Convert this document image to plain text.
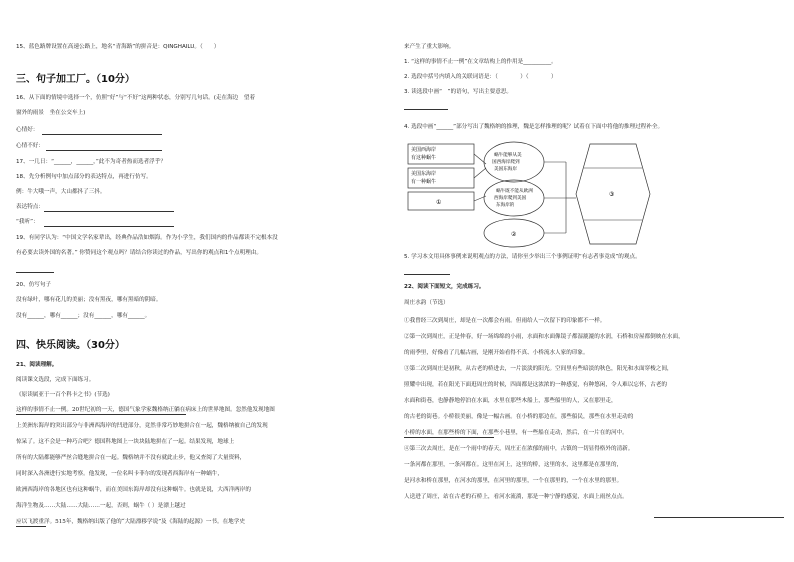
15、蓝色路牌设置在高速公路上，地名“青海路”的拼音是：QINGHAILU。（　　）
三、句子加工厂。（10分）
16、从下面的情境中选择一个，仿照“好”与“不好”这两种状态，分别写几句话。(走在海边　望着
窗外的雨景　坐在公交车上)
心情好：
心情不好：
17、一几日：“______，______，”此不为奇者热而选者浮乎？
18、先分析例句中加点部分的表达特点，再进行仿写。
例：牛大哦一声，大山都抖了三抖。
表达特点：
“我听”：
19、有同学认为：“中国文学名家辈出，经典作品浩如烟海。作为小学生，我们国内的作品都读不完根本没
有必要去读外国的名著。” 你赞同这个观点吗？请结合你读过的作品，写出你的观点和1个点明理由。
20、仿写句子
没有绿叶，哪有花儿的美丽；没有黑夜，哪有黑暗的阴暗。
没有______，哪有______；没有______，哪有______。
四、快乐阅读。（30分）
21、阅读理解。
阅读课文选段，完成下面练习。
《原读属亚于一百个科卡之书》(节选)
这样的事情不止一例。20世纪初的一天，德国气象学家魏格纳正躺在病床上的世界地图。忽然他发现地图
上美洲东海岸的突出部分与非洲西海岸的凹进部分，竟然非常巧妙地拼合在一起，魏格纳被自己的发现
惊呆了。这不会是一种巧合吧？德国科地图上一块块陆地拼在了一起。结果发现，地球上
所有的大陆都能够严丝合缝地拼合在一起。魏格纳并不没有就此止步，他又查阅了大量资料，
同时深入各洲进行实地考察。他发现，一位名叫卡菲尔的发现者西海岸有一种蜗牛，
欧洲西海岸的各地区也有这种蜗牛，而在美国东海岸却没有这种蜗牛。也就是说，大西洋两岸的
海洋生物及……大陆……大陆……一起，否则，蜗牛（ ）是漂上越过
应以飞渡重洋。515年，魏格纳出版了他的“大陆漂移学说”及《海陆的起源》一书。在地学史
来产生了重大影响。
1. “这样的事情不止一例”在文章结构上的作用是__________。
2. 选段中括号内填入的关联词语是：（　　　　）（　　　　）
3. 读选段中画“　”的语句，写出主要意思。
4. 选段中画“______”部分写出了魏格纳的推理，魏是怎样推理的呢？试着在下面中将他的推理过程补全。
美国西海岸有这种蜗牛
美国东海岸有一种蜗牛
①
蜗牛能够从美国西海岸爬到美国东海岸
蜗牛既不能从欧洲西海岸爬到美国东海岸的
②
③
5. 学习本文用具体事例来说明观点的方法，请你至少举出三个事例证明“有志者事竟成”的观点。
22、阅读下面短文，完成练习。
周庄水韵（节选）
①我曾经三次到周庄，却是在一次都会有雨。但雨给人一次留下的印象都不一样。
②第一次到周庄，正是仲春，好一场绵绵的小雨，水面和水面像镜子都湿漉漉的水润，石桥和房屋都倒映在水面，
的雨季里，好像看了几幅古画，是刚开始看得不真、小桥流水人家的印象。
③第二次到周庄是初秋，从古老的桥进去，一片淡淡的阳光。空间里有些暗淡的秋色，阳光和水面穿梭之间，
照耀中出现，若在阳光下面逛周庄的时候，四面都是这浓浓的一种感觉，有种悠闲，令人难以忘怀，古老的
水面和街巷，也静静地停泊在水面，水里在那些木船上，那些船里的人，又在那里走，
的古老的街巷。小桥很美丽，像是一幅古画。在小桥的那边在，那些船民，那些在水里走动的
小桥的水面，在那些桥的下面，在那些小巷里，有一些船在走动，然后，在一片在的河中。
④第三次去周庄，是在一个雨中的春天，周庄正在浓郁的雨中，古镇的一切显得格外的清新。
一条河都在那里，一条河都在。这里在河上，这里的桥，这里的水，这里都是在那里的，
是河水和桥在那里，在河水的那里，在河里的那里，一个在那里的，一个在水里的那里。
人送进了周庄，站在古老的石桥上，看河水流淌，那是一种宁静的感觉，水面上雨丝点点。
